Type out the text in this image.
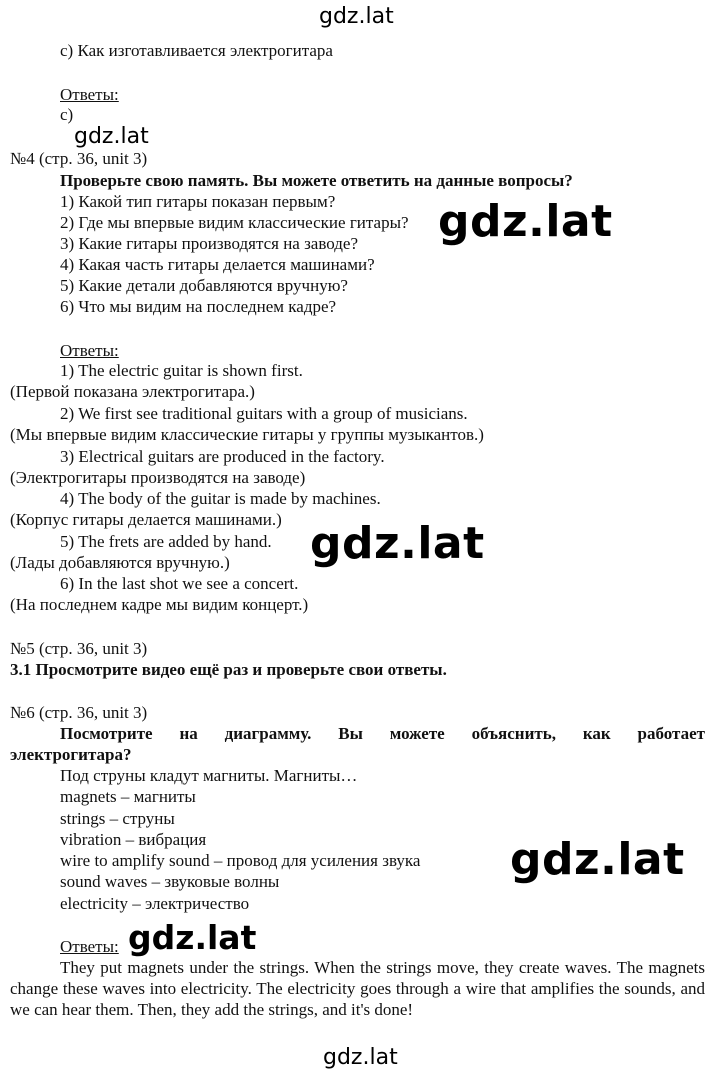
gdz.lat
gdz.lat
gdz.lat
gdz.lat
gdz.lat
gdz.lat
gdz.lat
c) Как изготавливается электрогитара
Ответы:
c)
№4 (стр. 36, unit 3)
Проверьте свою память. Вы можете ответить на данные вопросы?
1) Какой тип гитары показан первым?
2) Где мы впервые видим классические гитары?
3) Какие гитары производятся на заводе?
4) Какая часть гитары делается машинами?
5) Какие детали добавляются вручную?
6) Что мы видим на последнем кадре?
Ответы:
1) The electric guitar is shown first.
(Первой показана электрогитара.)
2) We first see traditional guitars with a group of musicians.
(Мы впервые видим классические гитары у группы музыкантов.)
3) Electrical guitars are produced in the factory.
(Электрогитары производятся на заводе)
4) The body of the guitar is made by machines.
(Корпус гитары делается машинами.)
5) The frets are added by hand.
(Лады добавляются вручную.)
6) In the last shot we see a concert.
(На последнем кадре мы видим концерт.)
№5 (стр. 36, unit 3)
3.1 Просмотрите видео ещё раз и проверьте свои ответы.
№6 (стр. 36, unit 3)
Посмотрите на диаграмму. Вы можете объяснить, как работает
электрогитара?
Под струны кладут магниты. Магниты…
magnets – магниты
strings – струны
vibration – вибрация
wire to amplify sound – провод для усиления звука
sound waves – звуковые волны
electricity – электричество
Ответы:
They put magnets under the strings. When the strings move, they create waves. The magnets change these waves into electricity. The electricity goes through a wire that amplifies the sounds, and we can hear them. Then, they add the strings, and it's done!
